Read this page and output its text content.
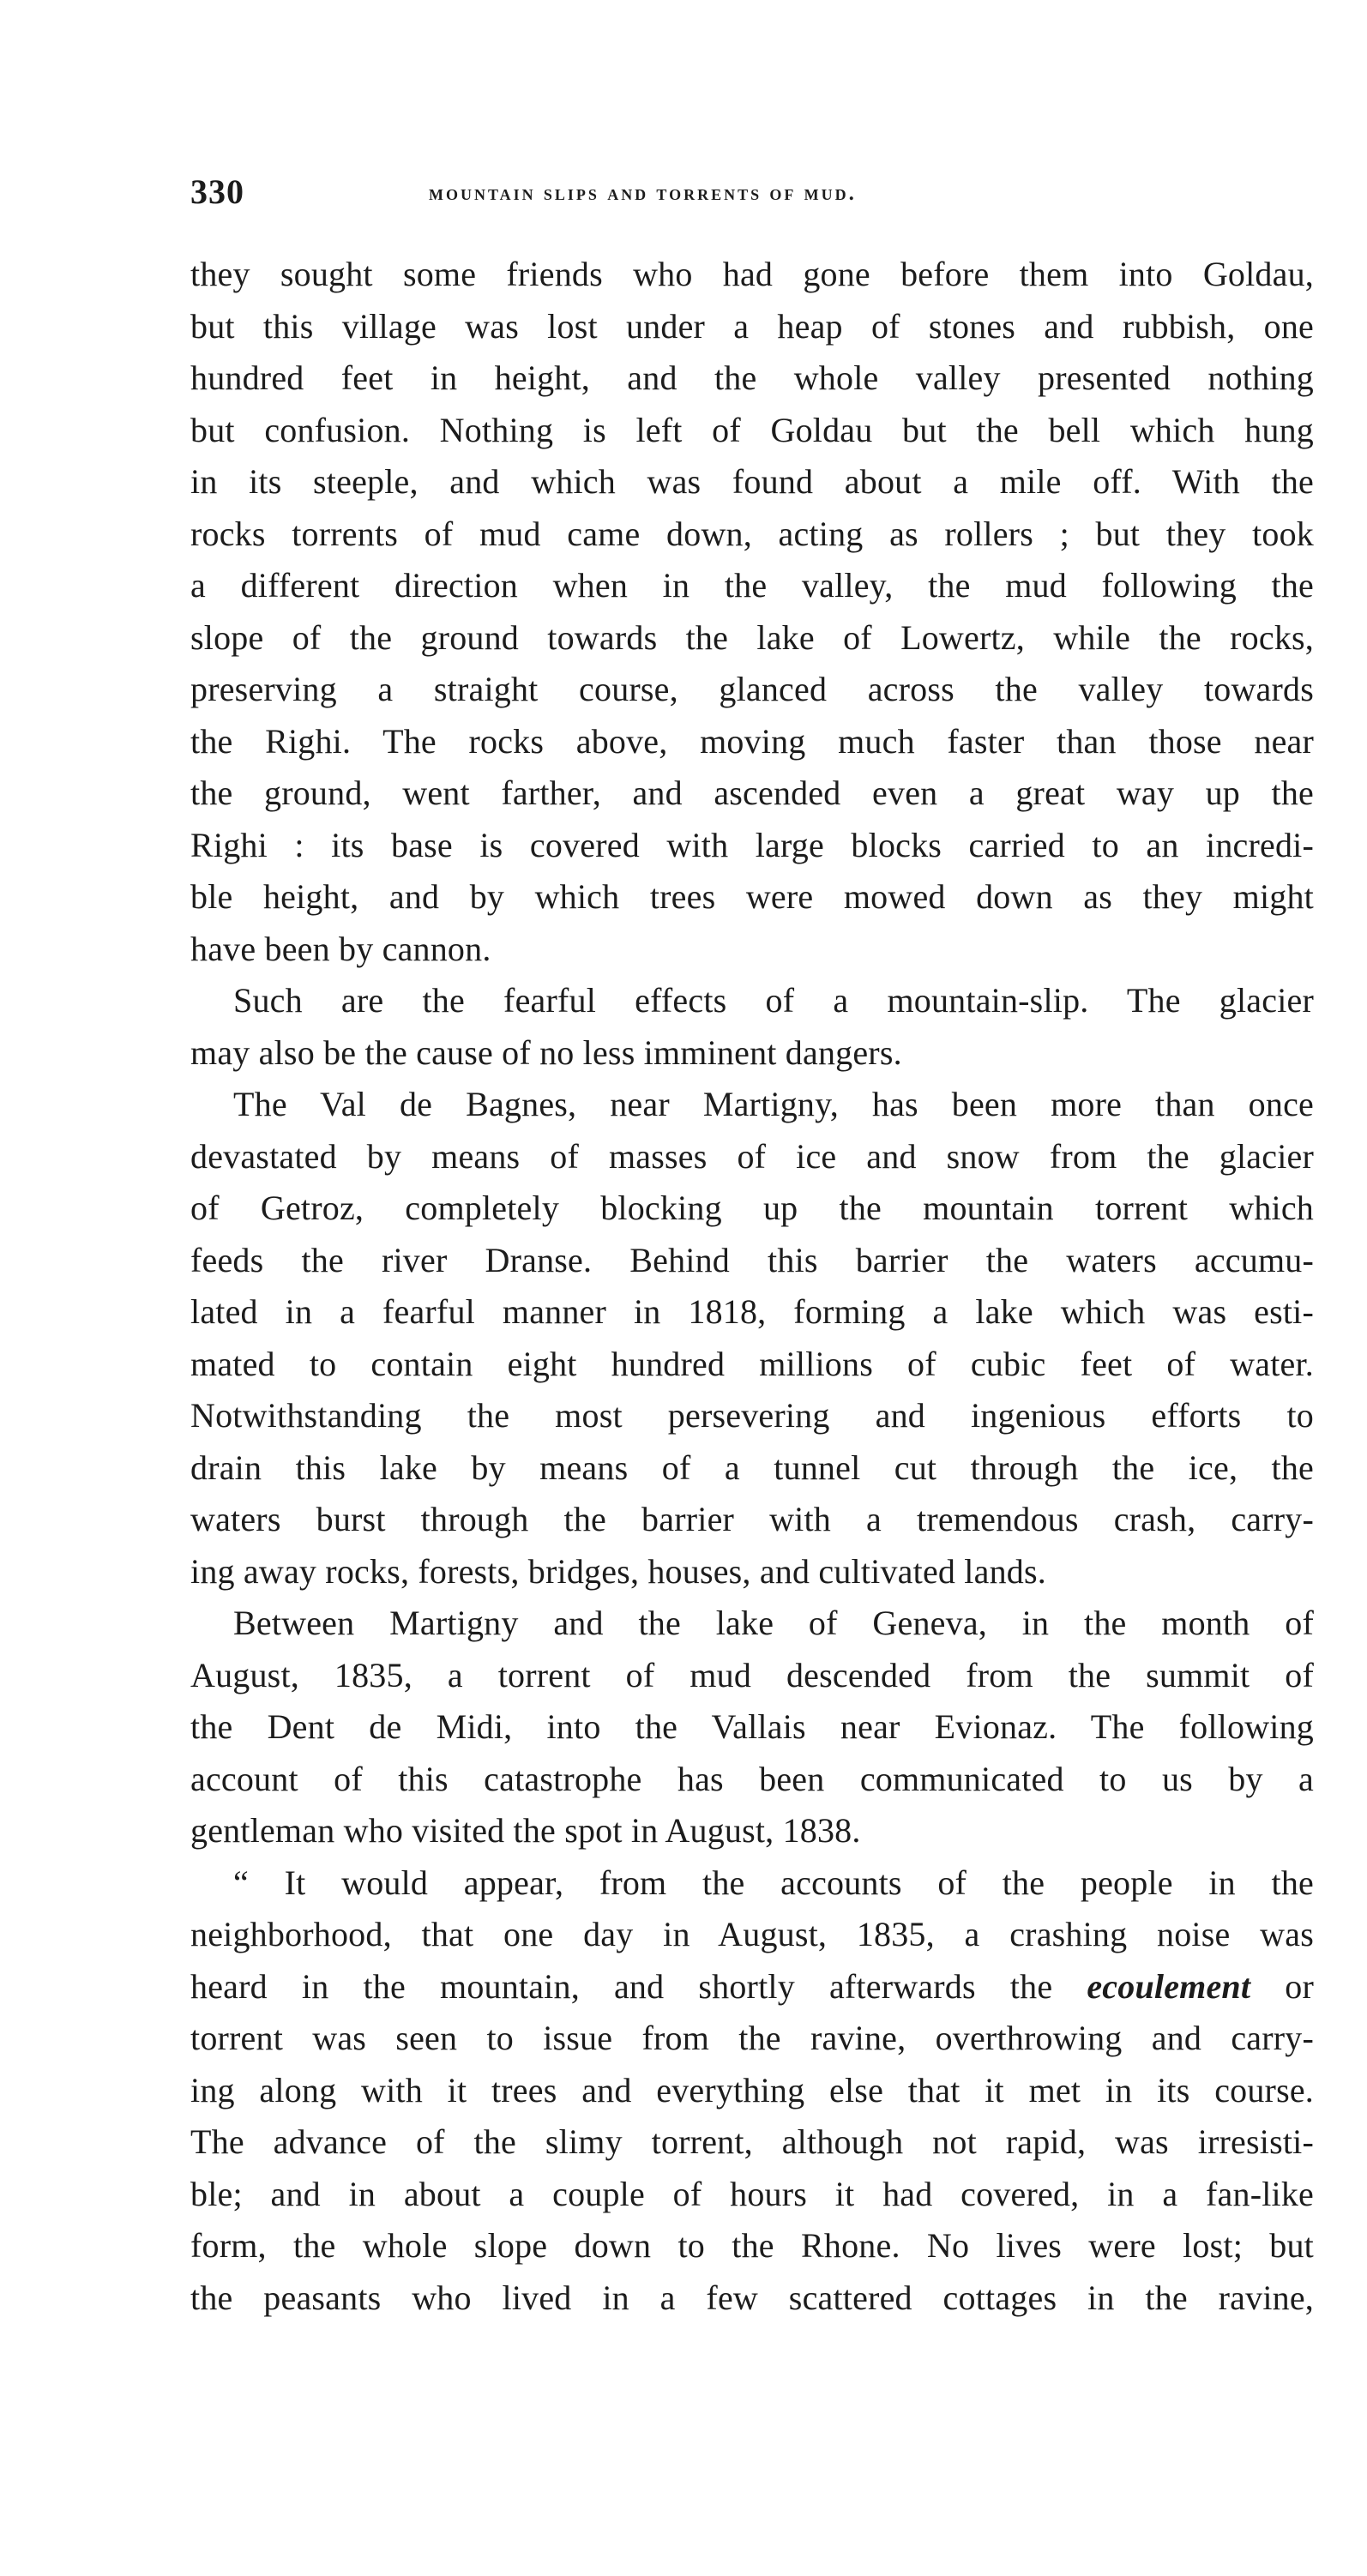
330	mountain slips and torrents of mud.
they sought some friends who had gone before them into Goldau,
but this village was lost under a heap of stones and rubbish, one
hundred feet in height, and the whole valley presented nothing
but confusion. Nothing is left of Goldau but the bell which hung
in its steeple, and which was found about a mile off. With the
rocks torrents of mud came down, acting as rollers ; but they took
a different direction when in the valley, the mud following the
slope of the ground towards the lake of Lowertz, while the rocks,
preserving a straight course, glanced across the valley towards
the Righi. The rocks above, moving much faster than those near
the ground, went farther, and ascended even a great way up the
Righi : its base is covered with large blocks carried to an incredi-
ble height, and by which trees were mowed down as they might
have been by cannon.
Such are the fearful effects of a mountain-slip. The glacier
may also be the cause of no less imminent dangers.
The Val de Bagnes, near Martigny, has been more than once
devastated by means of masses of ice and snow from the glacier
of Getroz, completely blocking up the mountain torrent which
feeds the river Dranse. Behind this barrier the waters accumu-
lated in a fearful manner in 1818, forming a lake which was esti-
mated to contain eight hundred millions of cubic feet of water.
Notwithstanding the most persevering and ingenious efforts to
drain this lake by means of a tunnel cut through the ice, the
waters burst through the barrier with a tremendous crash, carry-
ing away rocks, forests, bridges, houses, and cultivated lands.
Between Martigny and the lake of Geneva, in the month of
August, 1835, a torrent of mud descended from the summit of
the Dent de Midi, into the Vallais near Evionaz. The following
account of this catastrophe has been communicated to us by a
gentleman who visited the spot in August, 1838.
“ It would appear, from the accounts of the people in the
neighborhood, that one day in August, 1835, a crashing noise was
heard in the mountain, and shortly afterwards the ecoulement or
torrent was seen to issue from the ravine, overthrowing and carry-
ing along with it trees and everything else that it met in its course.
The advance of the slimy torrent, although not rapid, was irresisti-
ble; and in about a couple of hours it had covered, in a fan-like
form, the whole slope down to the Rhone. No lives were lost; but
the peasants who lived in a few scattered cottages in the ravine,
